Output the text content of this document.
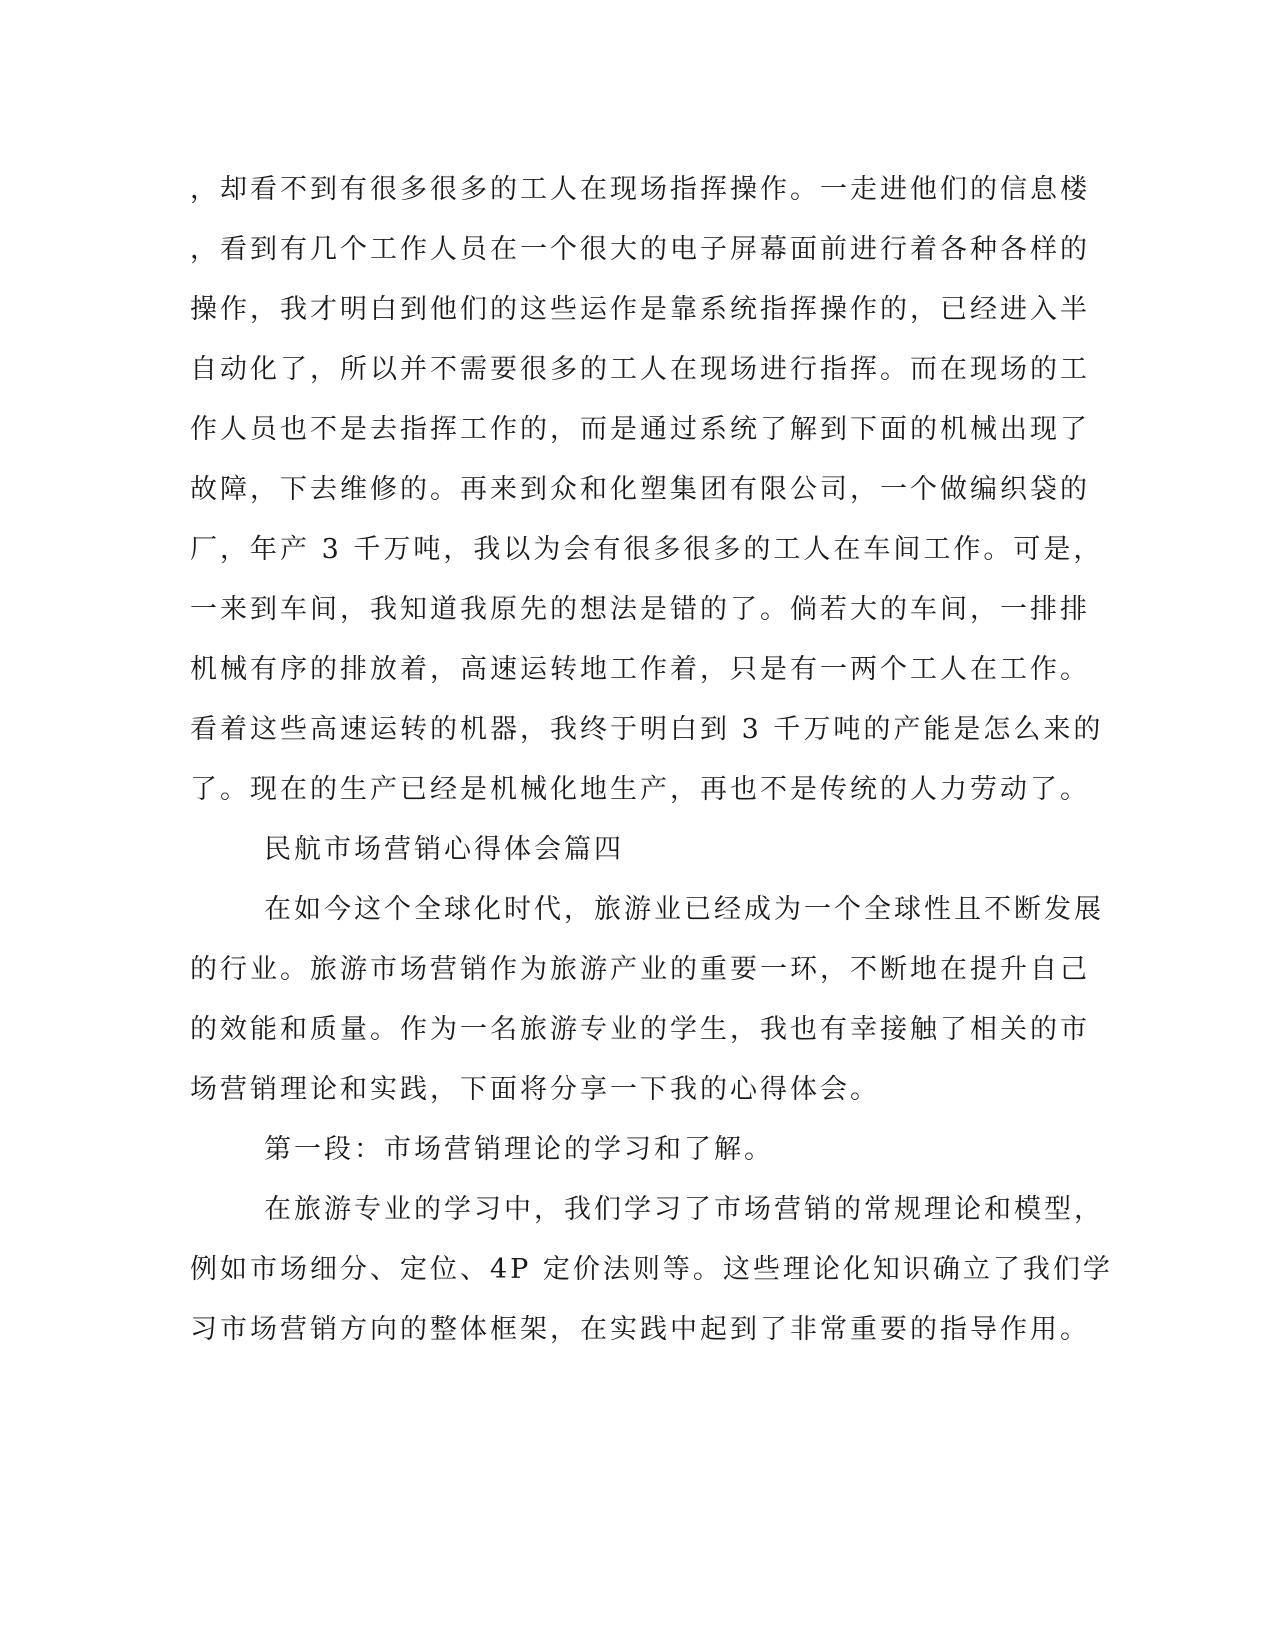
，却看不到有很多很多的工人在现场指挥操作。一走进他们的信息楼
，看到有几个工作人员在一个很大的电子屏幕面前进行着各种各样的
操作，我才明白到他们的这些运作是靠系统指挥操作的，已经进入半
自动化了，所以并不需要很多的工人在现场进行指挥。而在现场的工
作人员也不是去指挥工作的，而是通过系统了解到下面的机械出现了
故障，下去维修的。再来到众和化塑集团有限公司，一个做编织袋的
厂，年产 3 千万吨，我以为会有很多很多的工人在车间工作。可是，
一来到车间，我知道我原先的想法是错的了。倘若大的车间，一排排
机械有序的排放着，高速运转地工作着，只是有一两个工人在工作。
看着这些高速运转的机器，我终于明白到 3 千万吨的产能是怎么来的
了。现在的生产已经是机械化地生产，再也不是传统的人力劳动了。
民航市场营销心得体会篇四
在如今这个全球化时代，旅游业已经成为一个全球性且不断发展
的行业。旅游市场营销作为旅游产业的重要一环，不断地在提升自己
的效能和质量。作为一名旅游专业的学生，我也有幸接触了相关的市
场营销理论和实践，下面将分享一下我的心得体会。
第一段：市场营销理论的学习和了解。
在旅游专业的学习中，我们学习了市场营销的常规理论和模型，
例如市场细分、定位、4P 定价法则等。这些理论化知识确立了我们学
习市场营销方向的整体框架，在实践中起到了非常重要的指导作用。
